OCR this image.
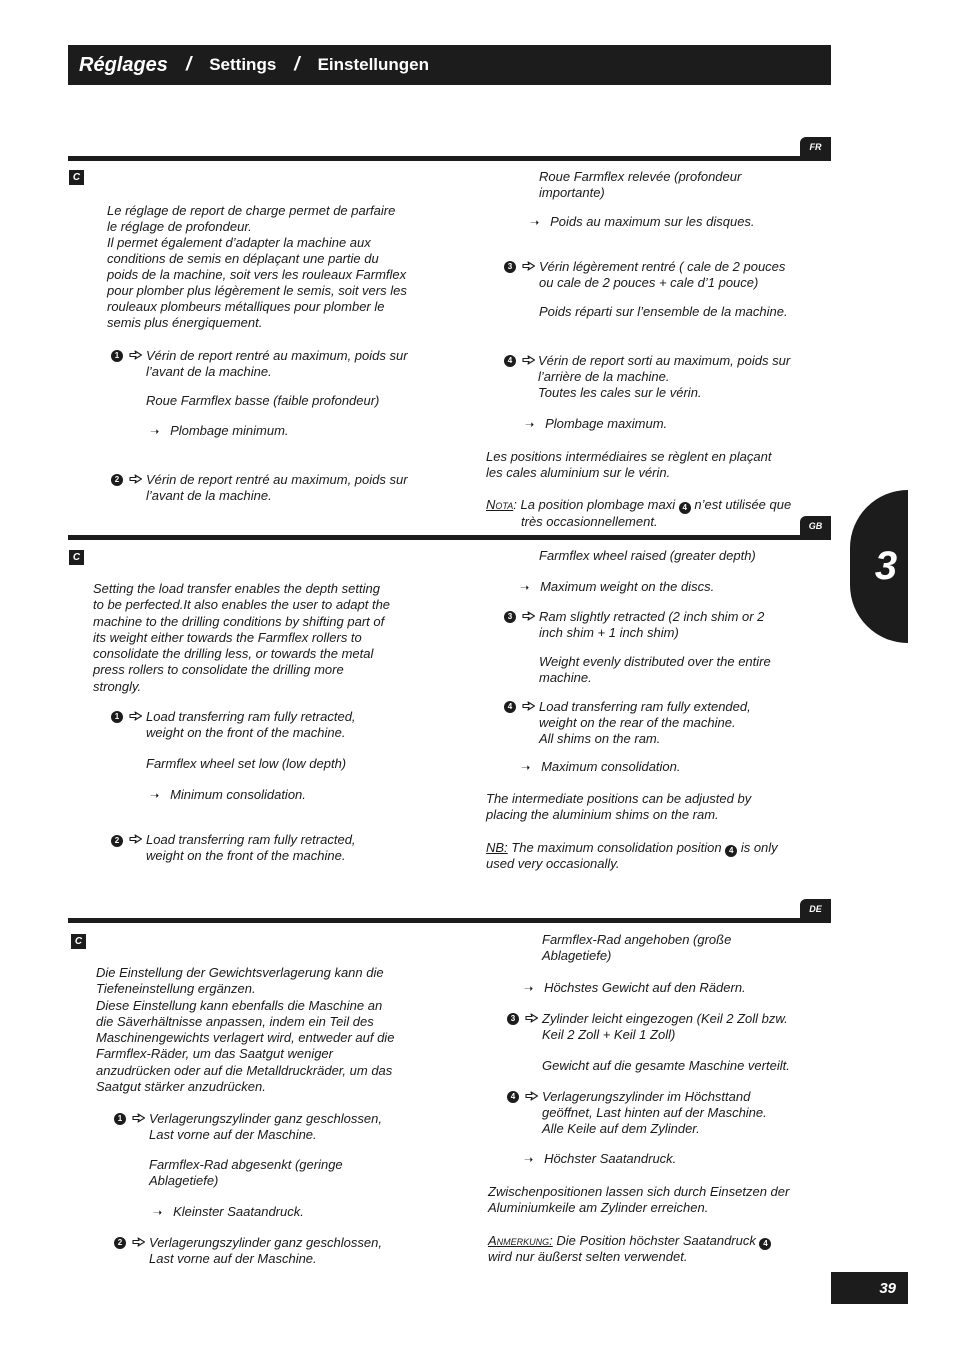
Réglages / Settings / Einstellungen
3
FR
C
Le réglage de report de charge permet de parfaire
le réglage de profondeur.
Il permet également d’adapter la machine aux
conditions de semis en déplaçant une partie du
poids de la machine, soit vers les rouleaux Farmflex
pour plomber plus légèrement le semis, soit vers les
rouleaux plombeurs métalliques pour plomber le
semis plus énergiquement.
1 Vérin de report rentré au maximum, poids sur
l’avant de la machine.
Roue Farmflex basse (faible profondeur)
➝ Plombage minimum.
2 Vérin de report rentré au maximum, poids sur
l’avant de la machine.
Roue Farmflex relevée (profondeur
importante)
➝ Poids au maximum sur les disques.
3 Vérin légèrement rentré ( cale de 2 pouces
ou cale de 2 pouces + cale d’1 pouce)
Poids réparti sur l’ensemble de la machine.
4 Vérin de report sorti au maximum, poids sur
l’arrière de la machine.
Toutes les cales sur le vérin.
➝ Plombage maximum.
Les positions intermédiaires se règlent en plaçant
les cales aluminium sur le vérin.
Nota: La position plombage maxi 4 n’est utilisée que
très occasionnellement.	GB
C
Setting the load transfer enables the depth setting
to be perfected.It also enables the user to adapt the
machine to the drilling conditions by shifting part of
its weight either towards the Farmflex rollers to
consolidate the drilling less, or towards the metal
press rollers to consolidate the drilling more
strongly.
1 Load transferring ram fully retracted,
weight on the front of the machine.
Farmflex wheel set low (low depth)
➝ Minimum consolidation.
2 Load transferring ram fully retracted,
weight on the front of the machine.
Farmflex wheel raised (greater depth)
➝ Maximum weight on the discs.
3 Ram slightly retracted (2 inch shim or 2
inch shim + 1 inch shim)
Weight evenly distributed over the entire
machine.
4 Load transferring ram fully extended,
weight on the rear of the machine.
All shims on the ram.
➝ Maximum consolidation.
The intermediate positions can be adjusted by
placing the aluminium shims on the ram.
NB: The maximum consolidation position 4 is only
used very occasionally.
DE
C
Die Einstellung der Gewichtsverlagerung kann die
Tiefeneinstellung ergänzen.
Diese Einstellung kann ebenfalls die Maschine an
die Säverhältnisse anpassen, indem ein Teil des
Maschinengewichts verlagert wird, entweder auf die
Farmflex-Räder, um das Saatgut weniger
anzudrücken oder auf die Metalldruckräder, um das
Saatgut stärker anzudrücken.
1 Verlagerungszylinder ganz geschlossen,
Last vorne auf der Maschine.
Farmflex-Rad abgesenkt (geringe
Ablagetiefe)
➝ Kleinster Saatandruck.
2 Verlagerungszylinder ganz geschlossen,
Last vorne auf der Maschine.
Farmflex-Rad angehoben (große
Ablagetiefe)
➝ Höchstes Gewicht auf den Rädern.
3 Zylinder leicht eingezogen (Keil 2 Zoll bzw.
Keil 2 Zoll + Keil 1 Zoll)
Gewicht auf die gesamte Maschine verteilt.
4 Verlagerungszylinder im Höchsttand
geöffnet, Last hinten auf der Maschine.
Alle Keile auf dem Zylinder.
➝ Höchster Saatandruck.
Zwischenpositionen lassen sich durch Einsetzen der
Aluminiumkeile am Zylinder erreichen.
Anmerkung: Die Position höchster Saatandruck 4
wird nur äußerst selten verwendet.
39
